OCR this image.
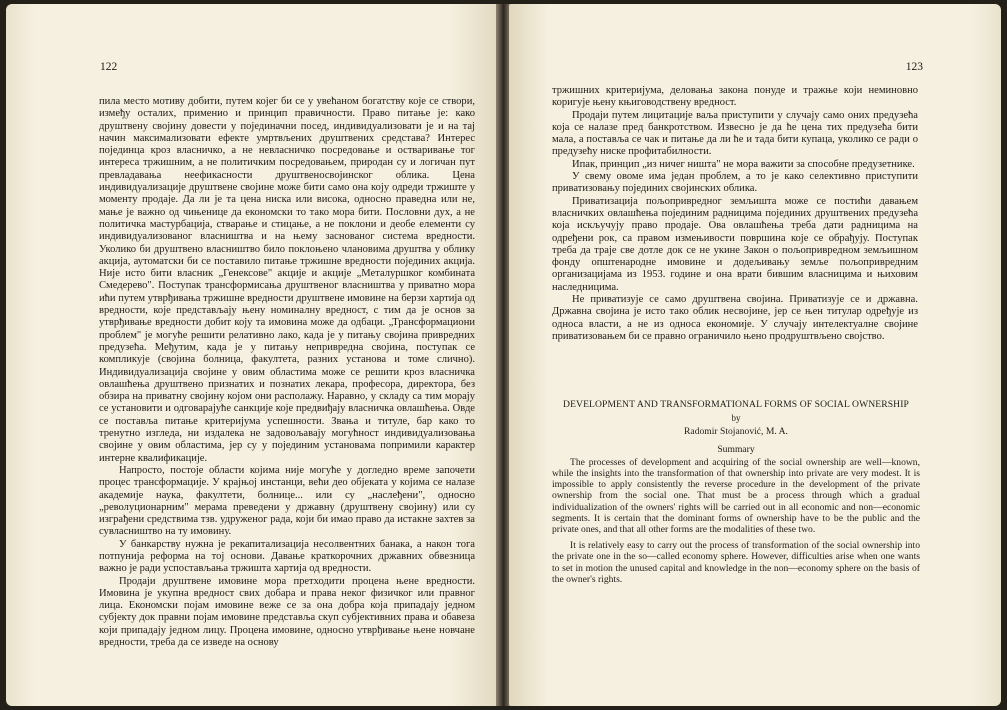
122

пила место мотиву добити, путем којег би се у увећаном богатству које се створи, између осталих, применио и принцип правичности. Право питање је: како друштвену својину довести у појединачни посед, индивидуализовати је и на тај начин максимализовати ефекте умртвљених друштвених средстава? Интерес појединца кроз власничко, а не невласничко посредовање и остваривање тог интереса тржишним, а не политичким посредовањем, природан су и логичан пут превладавања неефикасности друштвеносвојинског облика. Цена индивидуализације друштвене својине може бити само она коју одреди тржиште у моменту продаје. Да ли је та цена ниска или висока, односно праведна или не, мање је важно од чињенице да економски то тако мора бити. Пословни дух, а не политичка мастурбација, стварање и стицање, а не поклони и деобе елементи су индивидуализованог власништва и на њему заснованог система вредности. Уколико би друштвено власништво било поклоњено члановима друштва у облику акција, аутоматски би се поставило питање тржишне вредности појединих акција. Није исто бити власник „Генексове" акције и акције „Металуршког комбината Смедерево". Поступак трансформисања друштвеног власништва у приватно мора ићи путем утврђивања тржишне вредности друштвене имовине на берзи хартија од вредности, које представљају њену номиналну вредност, с тим да је основ за утврђивање вредности добит коју та имовина може да одбаци. „Трансформациони проблем" је могуће решити релативно лако, када је у питању својина привредних предузећа. Међутим, када је у питању непривредна својина, поступак се компликује (својина болница, факултета, разних установа и томе слично). Индивидуализација својине у овим областима може се решити кроз власничка овлашћења друштвено признатих и познатих лекара, професора, директора, без обзира на приватну својину којом они располажу. Наравно, у складу са тим морају се установити и одговарајуће санкције које предвиђају власничка овлашћења. Овде се поставља питање критеријума успешности. Звања и титуле, бар како то тренутно изгледа, ни издалека не задовољавају могућност индивидуализовања својине у овим областима, јер су у појединим установама попримили карактер интерне квалификације.

Напросто, постоје области којима није могуће у догледно време започети процес трансформације. У крајњој инстанци, већи део објеката у којима се налазе академије наука, факултети, болнице... или су „наслеђени", односно „револуционарним" мерама преведени у државну (друштвену својину) или су изграђени средствима тзв. удруженог рада, који би имао право да истакне захтев за сувласништво на ту имовину.

У банкарству нужна је рекапитализација несолвентних банака, а након тога потпунија реформа на тој основи. Давање краткорочних државних обвезница важно је ради успостављања тржишта хартија од вредности.

Продаји друштвене имовине мора претходити процена њене вредности. Имовина је укупна вредност свих добара и права неког физичког или правног лица. Економски појам имовине веже се за она добра која припадају једном субјекту док правни појам имовине представља скуп субјективних права и обавеза који припадају једном лицу. Процена имовине, односно утврђивање њене новчане вредности, треба да се изведе на основу

123

тржишних критеријума, деловања закона понуде и тражње који неминовно коригује њену књиговодствену вредност.

Продаји путем лицитације ваља приступити у случају само оних предузећа која се налазе пред банкротством. Извесно је да ће цена тих предузећа бити мала, а поставља се чак и питање да ли ће и тада бити купаца, уколико се ради о предузећу ниске профитабилности.

Ипак, принцип „из ничег ништа" не мора важити за способне предузетнике.

У свему овоме има један проблем, а то је како селективно приступити приватизовању појединих својинских облика.

Приватизација пољопривредног земљишта може се постићи давањем власничких овлашћења појединим радницима појединих друштвених предузећа која искључују право продаје. Ова овлашћења треба дати радницима на одређени рок, са правом измењивости површина које се обрађују. Поступак треба да траје све дотле док се не укине Закон о пољопривредном земљишном фонду општенародне имовине и додељивању земље пољопривредним организацијама из 1953. године и она врати бившим власницима и њиховим наследницима.

Не приватизује се само друштвена својина. Приватизује се и државна. Државна својина је исто тако облик несвојине, јер се њен титулар одређује из односа власти, а не из односа економије. У случају интелектуалне својине приватизовањем би се правно ограничило њено продруштвљено својство.

DEVELOPMENT AND TRANSFORMATIONAL FORMS OF SOCIAL OWNERSHIP

by

Radomir Stojanović, M. A.

Summary

The processes of development and acquiring of the social ownership are well—known, while the insights into the transformation of that ownership into private are very modest. It is impossible to apply consistently the reverse procedure in the development of the private ownership from the social one. That must be a process through which a gradual individualization of the owners' rights will be carried out in all economic and non—economic segments. It is certain that the dominant forms of ownership have to be the public and the private ones, and that all other forms are the modalities of these two.

It is relatively easy to carry out the process of transformation of the social ownership into the private one in the so—called economy sphere. However, difficulties arise when one wants to set in motion the unused capital and knowledge in the non—economy sphere on the basis of the owner's rights.
